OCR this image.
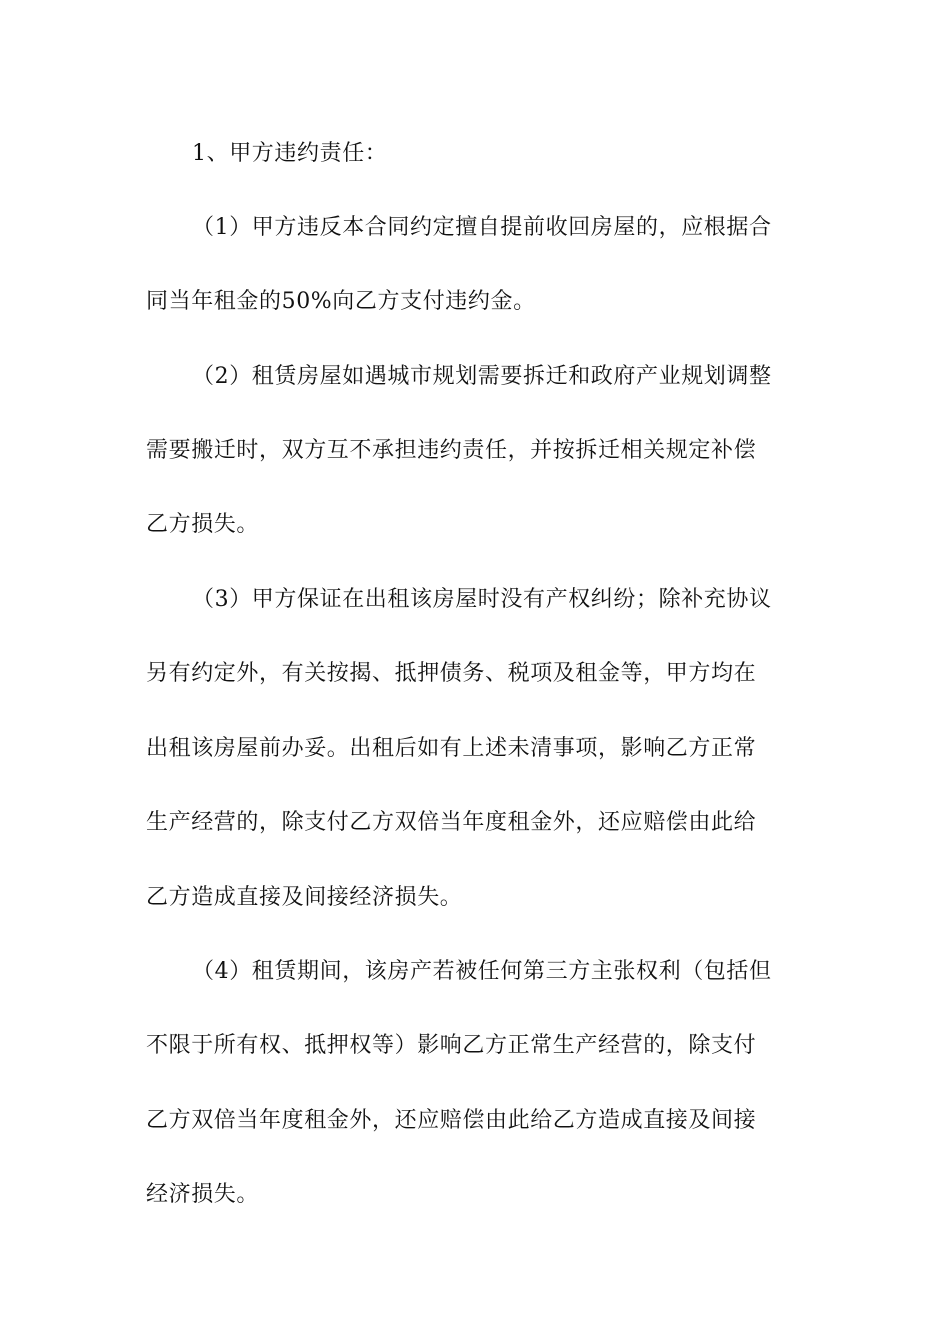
1、甲方违约责任：
（1）甲方违反本合同约定擅自提前收回房屋的，应根据合
同当年租金的50%向乙方支付违约金。
（2）租赁房屋如遇城市规划需要拆迁和政府产业规划调整
需要搬迁时，双方互不承担违约责任，并按拆迁相关规定补偿
乙方损失。
（3）甲方保证在出租该房屋时没有产权纠纷；除补充协议
另有约定外，有关按揭、抵押债务、税项及租金等，甲方均在
出租该房屋前办妥。出租后如有上述未清事项，影响乙方正常
生产经营的，除支付乙方双倍当年度租金外，还应赔偿由此给
乙方造成直接及间接经济损失。
（4）租赁期间，该房产若被任何第三方主张权利（包括但
不限于所有权、抵押权等）影响乙方正常生产经营的，除支付
乙方双倍当年度租金外，还应赔偿由此给乙方造成直接及间接
经济损失。
